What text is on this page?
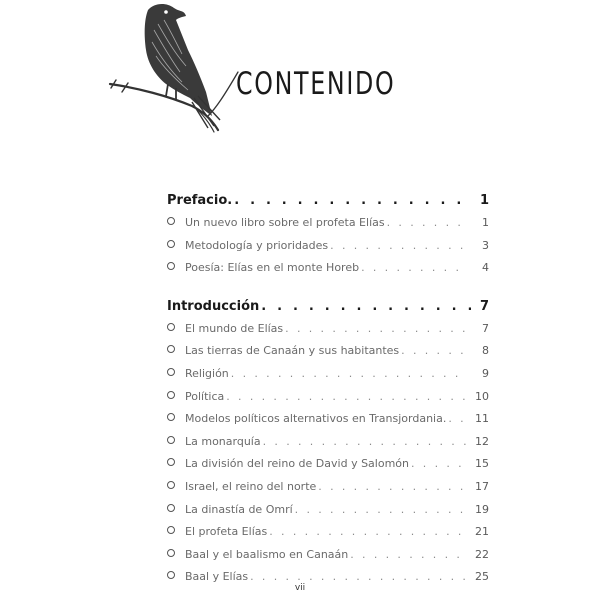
CONTENIDO
Prefacio. . . .	1
Un nuevo libro sobre el profeta Elías . . .	1
Metodología y prioridades . . .	3
Poesía: Elías en el monte Horeb . . .	4
Introducción . . .	7
El mundo de Elías . . .	7
Las tierras de Canaán y sus habitantes . . .	8
Religión . . .	9
Política . . .	10
Modelos políticos alternativos en Transjordania. . . .	11
La monarquía . . .	12
La división del reino de David y Salomón . . .	15
Israel, el reino del norte . . .	17
La dinastía de Omrí . . .	19
El profeta Elías . . .	21
Baal y el baalismo en Canaán . . .	22
Baal y Elías . . .	25
vii
